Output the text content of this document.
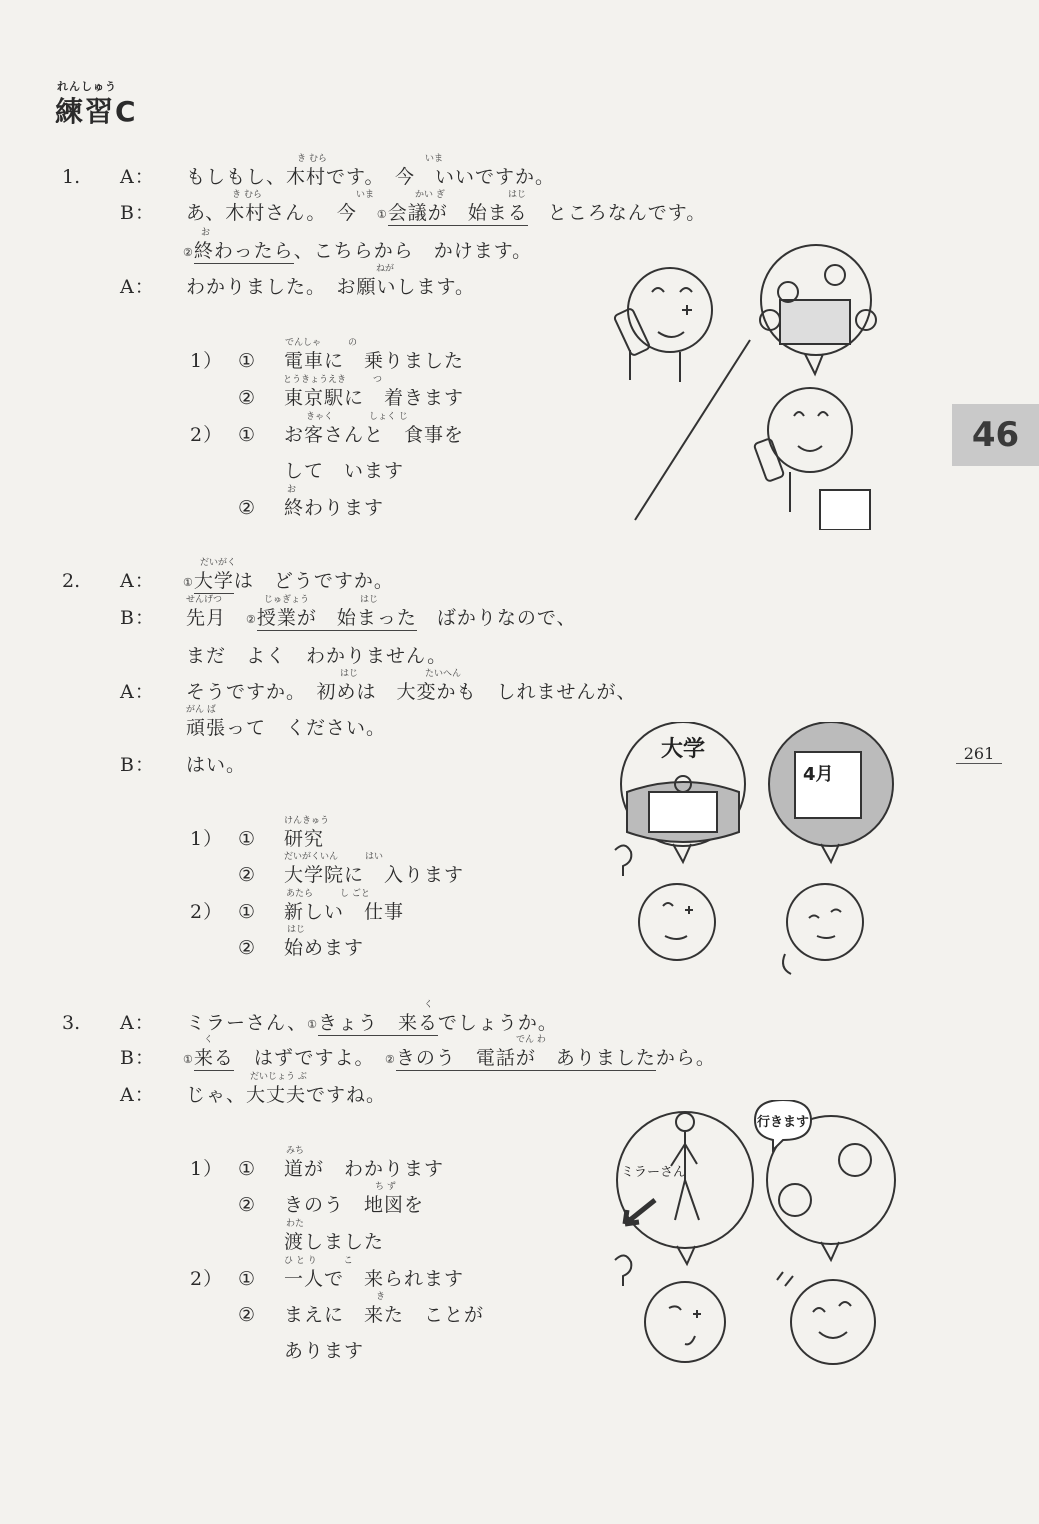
れんしゅう
練習C
46
261
1. A：
き むら	いま
もしもし、木村です。　今　いいですか。
B：
き むら	いま	かい ぎ	はじ
あ、木村さん。　今　①会議が　始まる　ところなんです。
お
②終わったら、こちらから　かけます。
A：
ねが
わかりました。　お願いします。
1） ①
でんしゃ　　　の
電車に　乗りました
②
とうきょうえき　　　つ
東京駅に　着きます
2） ①
きゃく　　　　しょく じ
お客さんと　食事を
して　います
②
お
終わります
2. A：
だいがく
①大学は　どうですか。
B：
せんげつ	じゅぎょう	はじ
先月　②授業が　始まった　ばかりなので、
まだ　よく　わかりません。
A：
はじ	たいへん
そうですか。　初めは　大変かも　しれませんが、
がん ば
頑張って　ください。
B： はい。
1） ①
けんきゅう
研究
②
だいがくいん　　　はい
大学院に　入ります
2） ①
あたら　　　し ごと
新しい　仕事
②
はじ
始めます
大学
4月
3. A：
く
ミラーさん、①きょう　来るでしょうか。
B：
く	でん わ
①来る　はずですよ。　②きのう　電話が　ありましたから。
A：
だいじょう ぶ
じゃ、大丈夫ですね。
1） ①
みち
道が　わかります
②
ち ず
きのう　地図を
わた
渡しました
2） ①
ひ と り　　　こ
一人で　来られます
②
き
まえに　来た　ことが
あります
ミラーさん
行きます
